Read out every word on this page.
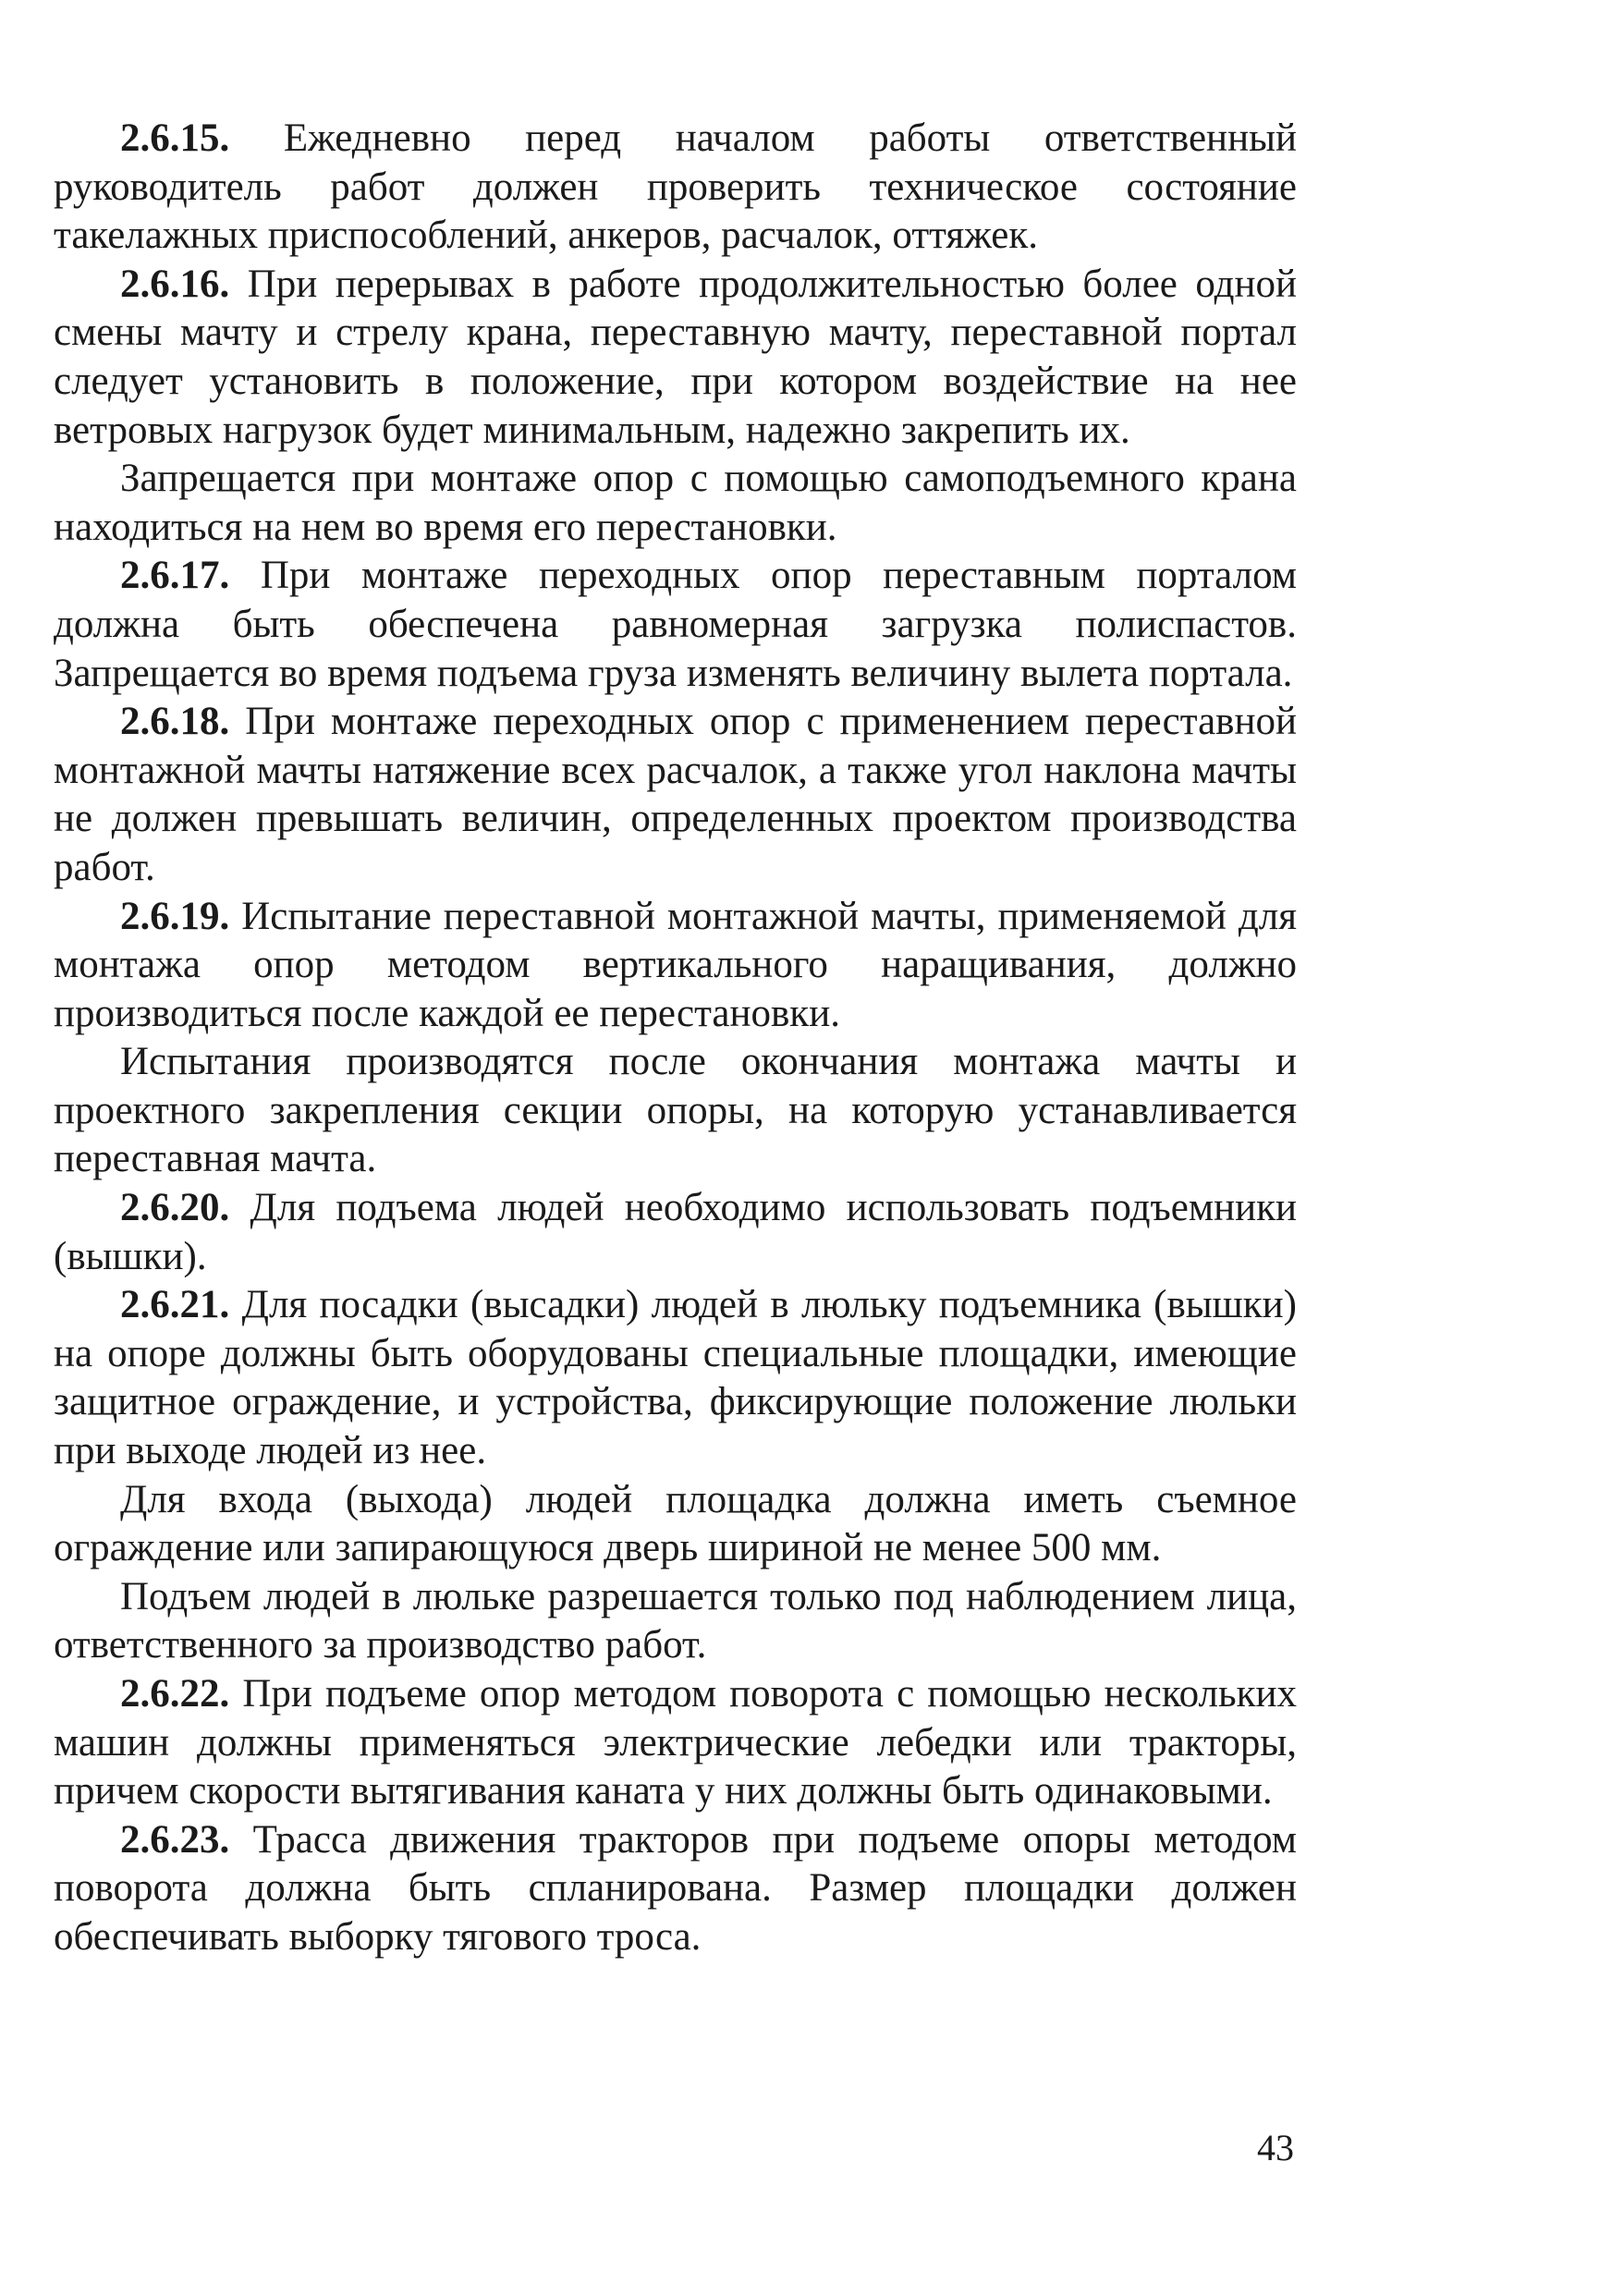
2.6.15. Ежедневно перед началом работы ответственный руководитель работ должен проверить техническое состояние такелажных приспособлений, анкеров, расчалок, оттяжек.

2.6.16. При перерывах в работе продолжительностью более одной смены мачту и стрелу крана, переставную мачту, переставной портал следует установить в положение, при котором воздействие на нее ветровых нагрузок будет минимальным, надежно закрепить их.

Запрещается при монтаже опор с помощью самоподъемного крана находиться на нем во время его перестановки.

2.6.17. При монтаже переходных опор переставным порталом должна быть обеспечена равномерная загрузка полиспастов. Запрещается во время подъема груза изменять величину вылета портала.

2.6.18. При монтаже переходных опор с применением переставной монтажной мачты натяжение всех расчалок, а также угол наклона мачты не должен превышать величин, определенных проектом производства работ.

2.6.19. Испытание переставной монтажной мачты, применяемой для монтажа опор методом вертикального наращивания, должно производиться после каждой ее перестановки.

Испытания производятся после окончания монтажа мачты и проектного закрепления секции опоры, на которую устанавливается переставная мачта.

2.6.20. Для подъема людей необходимо использовать подъемники (вышки).

2.6.21. Для посадки (высадки) людей в люльку подъемника (вышки) на опоре должны быть оборудованы специальные площадки, имеющие защитное ограждение, и устройства, фиксирующие положение люльки при выходе людей из нее.

Для входа (выхода) людей площадка должна иметь съемное ограждение или запирающуюся дверь шириной не менее 500 мм.

Подъем людей в люльке разрешается только под наблюдением лица, ответственного за производство работ.

2.6.22. При подъеме опор методом поворота с помощью нескольких машин должны применяться электрические лебедки или тракторы, причем скорости вытягивания каната у них должны быть одинаковыми.

2.6.23. Трасса движения тракторов при подъеме опоры методом поворота должна быть спланирована. Размер площадки должен обеспечивать выборку тягового троса.

43
